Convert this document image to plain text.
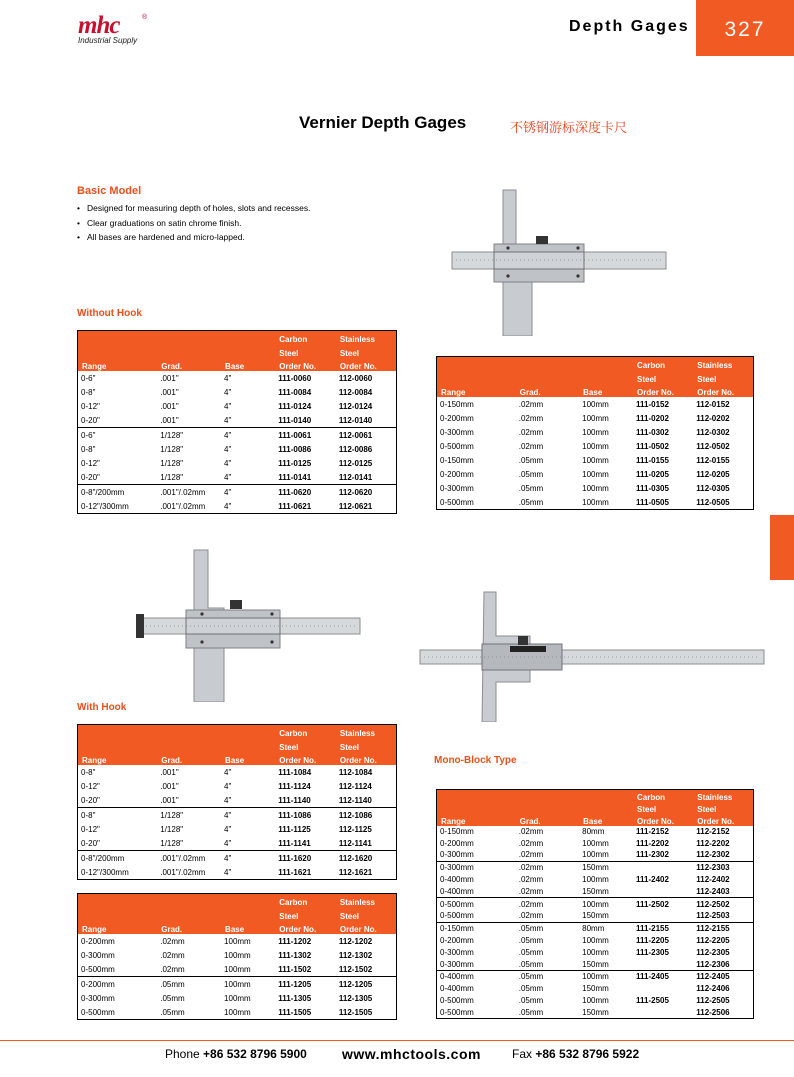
mhc	®
Industrial Supply
Depth Gages	327
Vernier Depth Gages	不锈钢游标深度卡尺
Basic Model
• Designed for measuring depth of holes, slots and recesses.
• Clear graduations on satin chrome finish.
• All bases are hardened and micro-lapped.
Without Hook
			Carbon	Stainless
			Steel	Steel
Range	Grad.	Base	Order No.	Order No.
0-6"	.001"	4"	111-0060	112-0060
0-8"	.001"	4"	111-0084	112-0084
0-12"	.001"	4"	111-0124	112-0124
0-20"	.001"	4"	111-0140	112-0140
0-6"	1/128"	4"	111-0061	112-0061
0-8"	1/128"	4"	111-0086	112-0086
0-12"	1/128"	4"	111-0125	112-0125
0-20"	1/128"	4"	111-0141	112-0141
0-8"/200mm	.001"/.02mm	4"	111-0620	112-0620
0-12"/300mm	.001"/.02mm	4"	111-0621	112-0621
			Carbon	Stainless
			Steel	Steel
Range	Grad.	Base	Order No.	Order No.
0-150mm	.02mm	100mm	111-0152	112-0152
0-200mm	.02mm	100mm	111-0202	112-0202
0-300mm	.02mm	100mm	111-0302	112-0302
0-500mm	.02mm	100mm	111-0502	112-0502
0-150mm	.05mm	100mm	111-0155	112-0155
0-200mm	.05mm	100mm	111-0205	112-0205
0-300mm	.05mm	100mm	111-0305	112-0305
0-500mm	.05mm	100mm	111-0505	112-0505
With Hook
			Carbon	Stainless
			Steel	Steel
Range	Grad.	Base	Order No.	Order No.
0-8"	.001"	4"	111-1084	112-1084
0-12"	.001"	4"	111-1124	112-1124
0-20"	.001"	4"	111-1140	112-1140
0-8"	1/128"	4"	111-1086	112-1086
0-12"	1/128"	4"	111-1125	112-1125
0-20"	1/128"	4"	111-1141	112-1141
0-8"/200mm	.001"/.02mm	4"	111-1620	112-1620
0-12"/300mm	.001"/.02mm	4"	111-1621	112-1621
			Carbon	Stainless
			Steel	Steel
Range	Grad.	Base	Order No.	Order No.
0-200mm	.02mm	100mm	111-1202	112-1202
0-300mm	.02mm	100mm	111-1302	112-1302
0-500mm	.02mm	100mm	111-1502	112-1502
0-200mm	.05mm	100mm	111-1205	112-1205
0-300mm	.05mm	100mm	111-1305	112-1305
0-500mm	.05mm	100mm	111-1505	112-1505
Mono-Block Type
			Carbon	Stainless
			Steel	Steel
Range	Grad.	Base	Order No.	Order No.
0-150mm	.02mm	80mm	111-2152	112-2152
0-200mm	.02mm	100mm	111-2202	112-2202
0-300mm	.02mm	100mm	111-2302	112-2302
0-300mm	.02mm	150mm		112-2303
0-400mm	.02mm	100mm	111-2402	112-2402
0-400mm	.02mm	150mm		112-2403
0-500mm	.02mm	100mm	111-2502	112-2502
0-500mm	.02mm	150mm		112-2503
0-150mm	.05mm	80mm	111-2155	112-2155
0-200mm	.05mm	100mm	111-2205	112-2205
0-300mm	.05mm	100mm	111-2305	112-2305
0-300mm	.05mm	150mm		112-2306
0-400mm	.05mm	100mm	111-2405	112-2405
0-400mm	.05mm	150mm		112-2406
0-500mm	.05mm	100mm	111-2505	112-2505
0-500mm	.05mm	150mm		112-2506
Phone +86 532 8796 5900	www.mhctools.com	Fax +86 532 8796 5922
